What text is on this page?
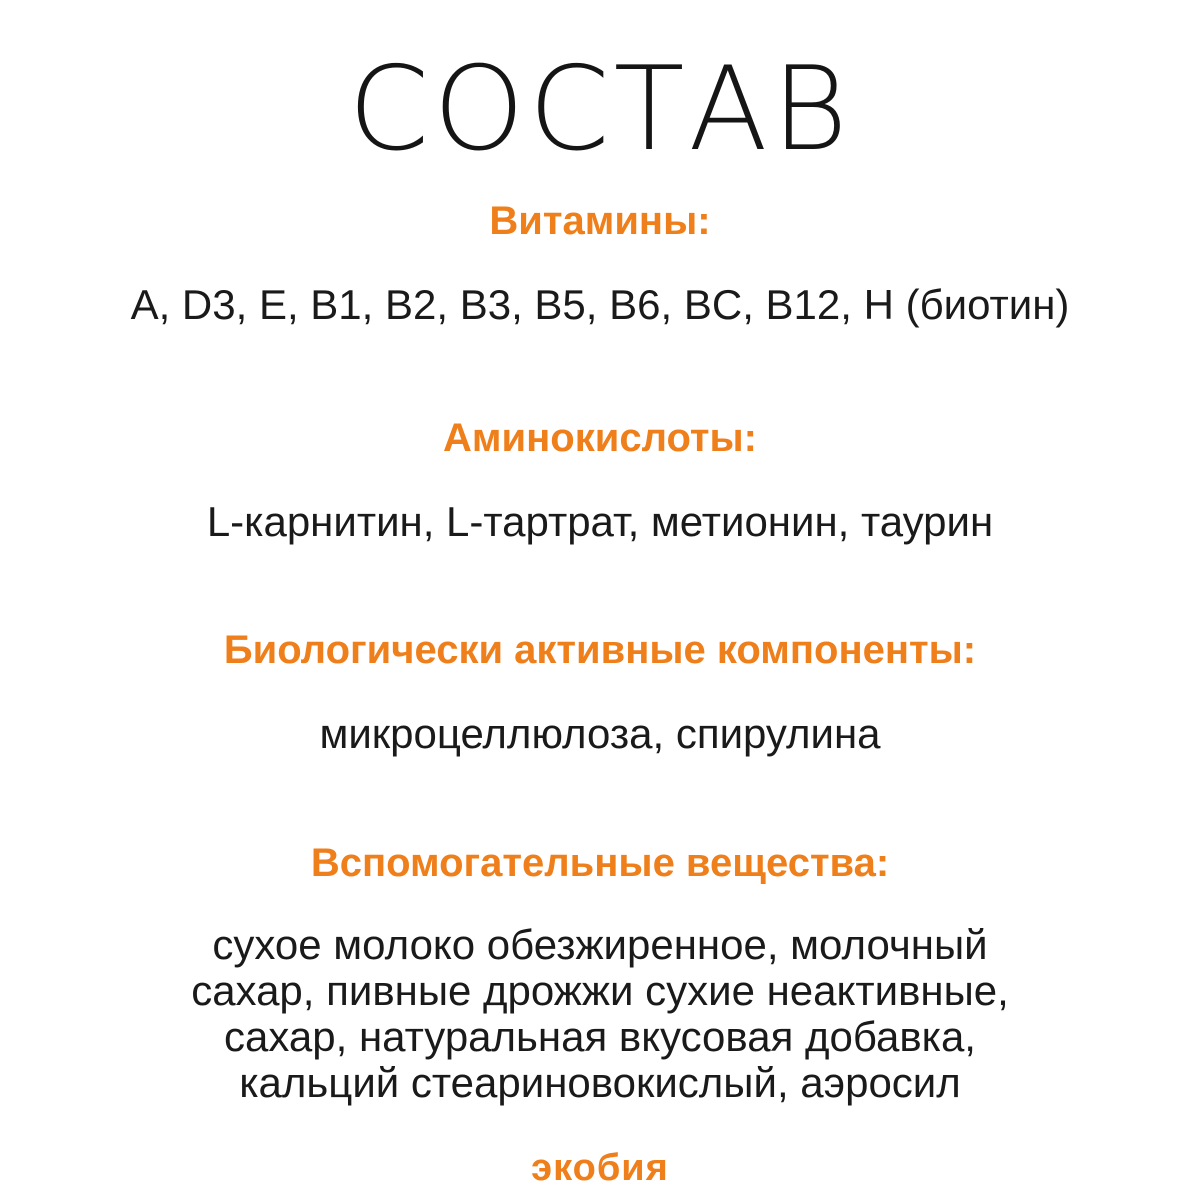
СОСТАВ
Витамины:
A, D3, E, B1, B2, B3, B5, B6, BC, B12, H (биотин)
Аминокислоты:
L-карнитин, L-тартрат, метионин, таурин
Биологически активные компоненты:
микроцеллюлоза, спирулина
Вспомогательные вещества:
сухое молоко обезжиренное, молочный
сахар, пивные дрожжи сухие неактивные,
сахар, натуральная вкусовая добавка,
кальций стеариновокислый, аэросил
экобия
